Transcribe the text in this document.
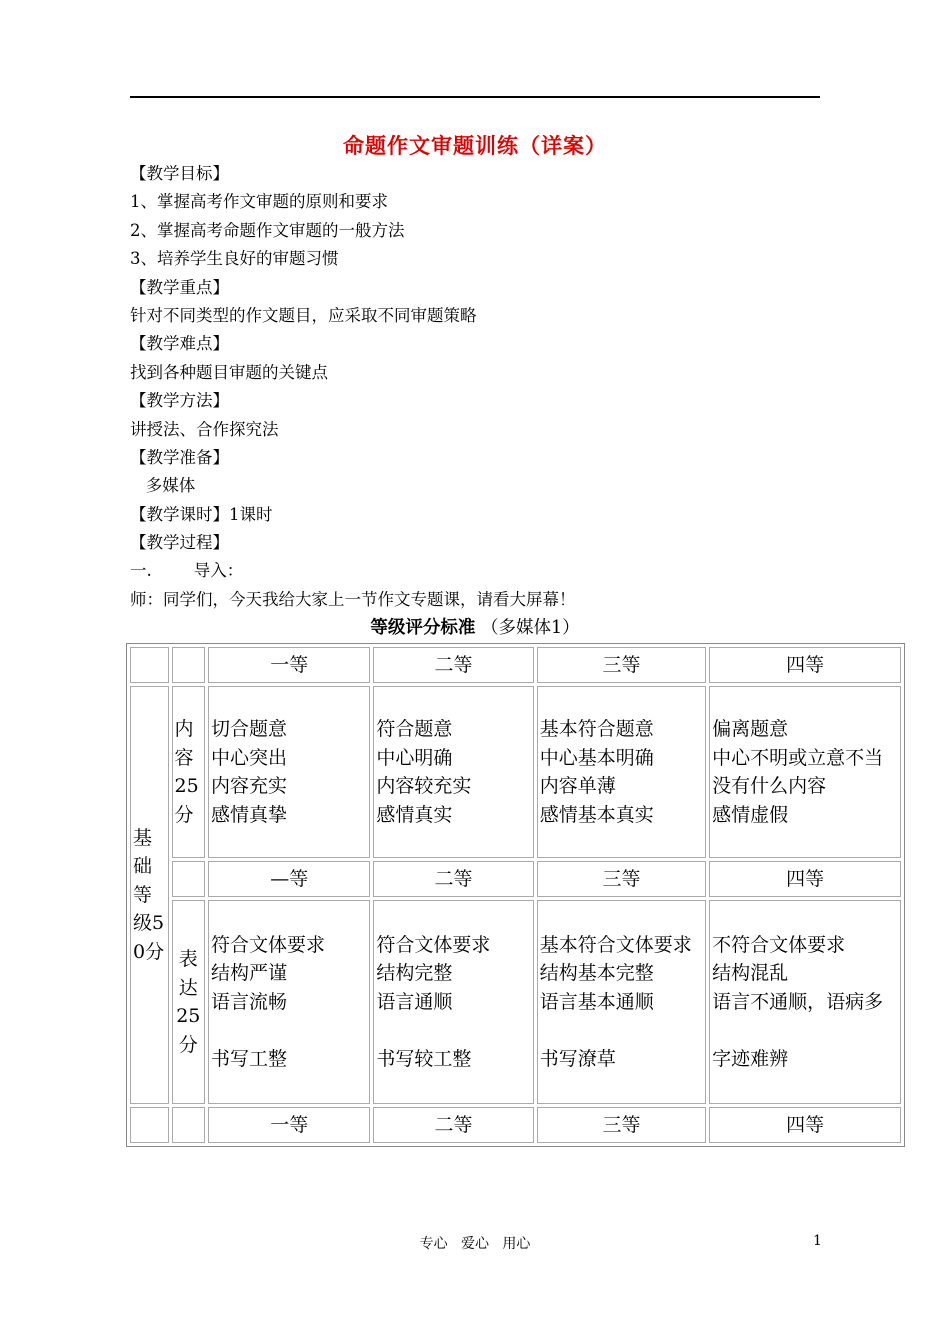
命题作文审题训练（详案）
【教学目标】
1、掌握高考作文审题的原则和要求
2、掌握高考命题作文审题的一般方法
3、培养学生良好的审题习惯
【教学重点】
针对不同类型的作文题目，应采取不同审题策略
【教学难点】
找到各种题目审题的关键点
【教学方法】
讲授法、合作探究法
【教学准备】
多媒体
【教学课时】1课时
【教学过程】
一.        导入：
师：同学们，今天我给大家上一节作文专题课，请看大屏幕！
等级评分标准 （多媒体1）
		一等	二等	三等	四等
基础等级50分	内容25分	切合题意
中心突出
内容充实
感情真挚	符合题意
中心明确
内容较充实
感情真实	基本符合题意
中心基本明确
内容单薄
感情基本真实	偏离题意
中心不明或立意不当
没有什么内容
感情虚假
		—等	二等	三等	四等
	表达25分	符合文体要求
结构严谨
语言流畅

书写工整	符合文体要求
结构完整
语言通顺

书写较工整	基本符合文体要求
结构基本完整
语言基本通顺

书写潦草	不符合文体要求
结构混乱
语言不通顺，语病多

字迹难辨
		一等	二等	三等	四等
专心   爱心   用心	1
